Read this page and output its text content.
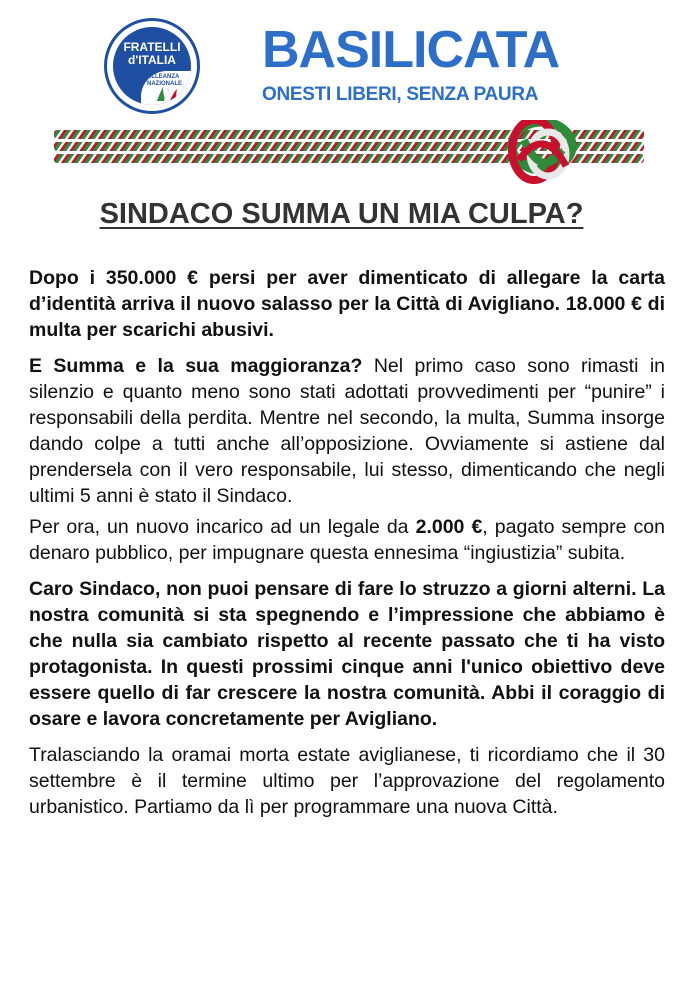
FRATELLI
d'ITALIA
ALLEANZA
NAZIONALE
BASILICATA
ONESTI LIBERI, SENZA PAURA
SINDACO SUMMA UN MIA CULPA?

Dopo i 350.000 € persi per aver dimenticato di allegare la carta d’identità arriva il nuovo salasso per la Città di Avigliano. 18.000 € di multa per scarichi abusivi.

E Summa e la sua maggioranza? Nel primo caso sono rimasti in silenzio e quanto meno sono stati adottati provvedimenti per “punire” i responsabili della perdita. Mentre nel secondo, la multa, Summa insorge dando colpe a tutti anche all’opposizione. Ovviamente si astiene dal prendersela con il vero responsabile, lui stesso, dimenticando che negli ultimi 5 anni è stato il Sindaco.

Per ora, un nuovo incarico ad un legale da 2.000 €, pagato sempre con denaro pubblico, per impugnare questa ennesima “ingiustizia” subita.

Caro Sindaco, non puoi pensare di fare lo struzzo a giorni alterni. La nostra comunità si sta spegnendo e l’impressione che abbiamo è che nulla sia cambiato rispetto al recente passato che ti ha visto protagonista. In questi prossimi cinque anni l'unico obiettivo deve essere quello di far crescere la nostra comunità. Abbi il coraggio di osare e lavora concretamente per Avigliano.

Tralasciando la oramai morta estate aviglianese, ti ricordiamo che il 30 settembre è il termine ultimo per l’approvazione del regolamento urbanistico. Partiamo da lì per programmare una nuova Città.
